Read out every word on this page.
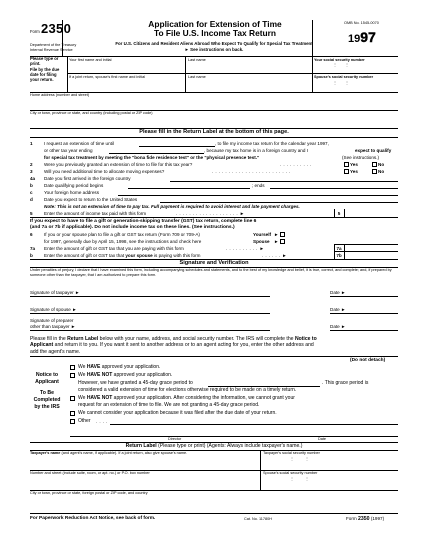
Form 2350
Department of the Treasury
Internal Revenue Service
Application for Extension of Time
To File U.S. Income Tax Return
For U.S. Citizens and Resident Aliens Abroad Who Expect To Qualify for Special Tax Treatment
► See instructions on back.
OMB No. 1545-0070
1997
Please type or print.
File by the due date for filing your return.
Your first name and initial	Last name	Your social security number
⋮ ⋮
If a joint return, spouse's first name and initial	Last name	Spouse's social security number
⋮ ⋮
Home address (number and street)
City or town, province or state, and country (including postal or ZIP code)
Please fill in the Return Label at the bottom of this page.
1	I request an extension of time until	, to file my income tax return for the calendar year 1997,
or other tax year ending	, because my tax home is in a foreign country and I	expect to qualify
for special tax treatment by meeting the "bona fide residence test" or the "physical presence test."	(See instructions.)
2	Were you previously granted an extension of time to file for this tax year?	. . . . . . . . . .	Yes	No
3	Will you need additional time to allocate moving expenses?	. . . . . . . . . . . . . . . . . . . . . . . .	Yes	No
4a	Date you first arrived in the foreign country
b	Date qualifying period begins	; ends
c	Your foreign home address
d	Date you expect to return to the United States
Note: This is not an extension of time to pay tax. Full payment is required to avoid interest and late payment charges.
5	Enter the amount of income tax paid with this form	. . . . . . . . . . . . . . . . . . . ►	5
If you expect to have to file a gift or generation-skipping transfer (GST) tax return, complete line 6
(and 7a or 7b if applicable). Do not include income tax on these lines. (See instructions.)
6	If you or your spouse plan to file a gift or GST tax return (Form 709 or 709-A)	Yourself ►
for 1997, generally due by April 15, 1998, see the instructions and check here	Spouse ►
7a	Enter the amount of gift or GST tax that you are paying with this form	. . . . . . . . . . ►	7a
b	Enter the amount of gift or GST tax that your spouse is paying with this form	. . . . . . ►	7b
Signature and Verification
Under penalties of perjury, I declare that I have examined this form, including accompanying schedules and statements, and to the best of my knowledge and belief, it is true, correct, and complete; and, if prepared by someone other than the taxpayer, that I am authorized to prepare this form.
Signature of taxpayer ►	Date ►
Signature of spouse ►	Date ►
Signature of preparer
other than taxpayer ►	Date ►
Please fill in the Return Label below with your name, address, and social security number. The IRS will complete the Notice to
Applicant and return it to you. If you want it sent to another address or to an agent acting for you, enter the other address and
add the agent's name.
(Do not detach)
Notice to
Applicant
To Be
Completed
by the IRS
We HAVE approved your application.
We HAVE NOT approved your application.
However, we have granted a 45-day grace period to	. This grace period is
considered a valid extension of time for elections otherwise required to be made on a timely return.
We HAVE NOT approved your application. After considering the information, we cannot grant your
request for an extension of time to file. We are not granting a 45-day grace period.
We cannot consider your application because it was filed after the due date of your return.
Other . . . .
Director	Date
Return Label (Please type or print) (Agents: Always include taxpayer's name.)
Taxpayer's name (and agent's name, if applicable). If a joint return, also give spouse's name.	Taxpayer's social security number
⋮	⋮
Number and street (include suite, room, or apt. no.) or P.O. box number	Spouse's social security number
⋮	⋮
City or town, province or state, foreign postal or ZIP code, and country
For Paperwork Reduction Act Notice, see back of form.	Cat. No. 11780H	Form 2350 (1997)
